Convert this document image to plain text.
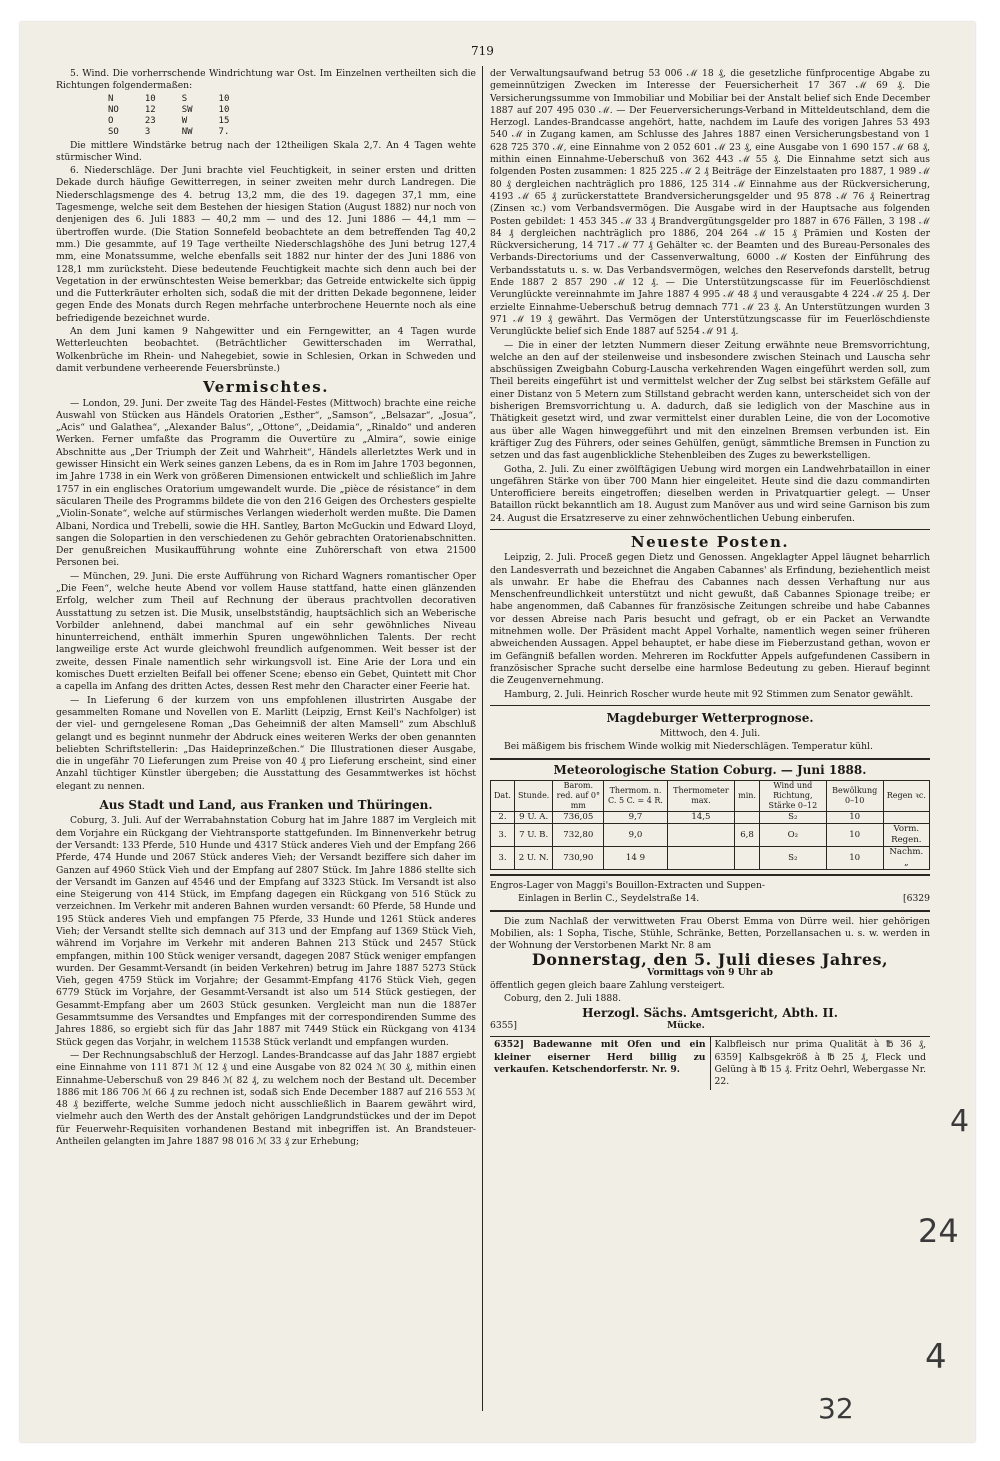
719

5. Wind. Die vorherrschende Windrichtung war Ost. Im Einzelnen vertheilten sich die Richtungen folgendermaßen:

N	10	S	10
NO	12	SW	10
O	23	W	15
SO	3	NW	7.

Die mittlere Windstärke betrug nach der 12theiligen Skala 2,7. An 4 Tagen wehte stürmischer Wind.

6. Niederschläge. Der Juni brachte viel Feuchtigkeit, in seiner ersten und dritten Dekade durch häufige Gewitterregen, in seiner zweiten mehr durch Landregen. Die Niederschlagsmenge des 4. betrug 13,2 mm, die des 19. dagegen 37,1 mm, eine Tagesmenge, welche seit dem Bestehen der hiesigen Station (August 1882) nur noch von denjenigen des 6. Juli 1883 — 40,2 mm — und des 12. Juni 1886 — 44,1 mm — übertroffen wurde. (Die Station Sonnefeld beobachtete an dem betreffenden Tag 40,2 mm.) Die gesammte, auf 19 Tage vertheilte Niederschlagshöhe des Juni betrug 127,4 mm, eine Monatssumme, welche ebenfalls seit 1882 nur hinter der des Juni 1886 von 128,1 mm zurücksteht. Diese bedeutende Feuchtigkeit machte sich denn auch bei der Vegetation in der erwünschtesten Weise bemerkbar; das Getreide entwickelte sich üppig und die Futterkräuter erholten sich, sodaß die mit der dritten Dekade begonnene, leider gegen Ende des Monats durch Regen mehrfache unterbrochene Heuernte noch als eine befriedigende bezeichnet wurde.

An dem Juni kamen 9 Nahgewitter und ein Ferngewitter, an 4 Tagen wurde Wetterleuchten beobachtet. (Beträchtlicher Gewitterschaden im Werrathal, Wolkenbrüche im Rhein- und Nahegebiet, sowie in Schlesien, Orkan in Schweden und damit verbundene verheerende Feuersbrünste.)

Vermischtes.

— London, 29. Juni. Der zweite Tag des Händel-Festes (Mittwoch) brachte eine reiche Auswahl von Stücken aus Händels Oratorien „Esther“, „Samson“, „Belsazar“, „Josua“, „Acis“ und Galathea“, „Alexander Balus“, „Ottone“, „Deidamia“, „Rinaldo“ und anderen Werken. Ferner umfaßte das Programm die Ouvertüre zu „Almira“, sowie einige Abschnitte aus „Der Triumph der Zeit und Wahrheit“, Händels allerletztes Werk und in gewisser Hinsicht ein Werk seines ganzen Lebens, da es in Rom im Jahre 1703 begonnen, im Jahre 1738 in ein Werk von größeren Dimensionen entwickelt und schließlich im Jahre 1757 in ein englisches Oratorium umgewandelt wurde. Die „pièce de résistance“ in dem säcularen Theile des Programms bildete die von den 216 Geigen des Orchesters gespielte „Violin-Sonate“, welche auf stürmisches Verlangen wiederholt werden mußte. Die Damen Albani, Nordica und Trebelli, sowie die HH. Santley, Barton McGuckin und Edward Lloyd, sangen die Solopartien in den verschiedenen zu Gehör gebrachten Oratorienabschnitten. Der genußreichen Musikaufführung wohnte eine Zuhörerschaft von etwa 21500 Personen bei.

— München, 29. Juni. Die erste Aufführung von Richard Wagners romantischer Oper „Die Feen“, welche heute Abend vor vollem Hause stattfand, hatte einen glänzenden Erfolg, welcher zum Theil auf Rechnung der überaus prachtvollen decorativen Ausstattung zu setzen ist. Die Musik, unselbstständig, hauptsächlich sich an Weberische Vorbilder anlehnend, dabei manchmal auf ein sehr gewöhnliches Niveau hinunterreichend, enthält immerhin Spuren ungewöhnlichen Talents. Der recht langweilige erste Act wurde gleichwohl freundlich aufgenommen. Weit besser ist der zweite, dessen Finale namentlich sehr wirkungsvoll ist. Eine Arie der Lora und ein komisches Duett erzielten Beifall bei offener Scene; ebenso ein Gebet, Quintett mit Chor a capella im Anfang des dritten Actes, dessen Rest mehr den Character einer Feerie hat.

— In Lieferung 6 der kurzem von uns empfohlenen illustrirten Ausgabe der gesammelten Romane und Novellen von E. Marlitt (Leipzig, Ernst Keil's Nachfolger) ist der viel- und gerngelesene Roman „Das Geheimniß der alten Mamsell“ zum Abschluß gelangt und es beginnt nunmehr der Abdruck eines weiteren Werks der oben genannten beliebten Schriftstellerin: „Das Haideprinzeßchen.“ Die Illustrationen dieser Ausgabe, die in ungefähr 70 Lieferungen zum Preise von 40 ₰ pro Lieferung erscheint, sind einer Anzahl tüchtiger Künstler übergeben; die Ausstattung des Gesammtwerkes ist höchst elegant zu nennen.

Aus Stadt und Land, aus Franken und Thüringen.

Coburg, 3. Juli. Auf der Werrabahnstation Coburg hat im Jahre 1887 im Vergleich mit dem Vorjahre ein Rückgang der Viehtransporte stattgefunden. Im Binnenverkehr betrug der Versandt: 133 Pferde, 510 Hunde und 4317 Stück anderes Vieh und der Empfang 266 Pferde, 474 Hunde und 2067 Stück anderes Vieh; der Versandt beziffere sich daher im Ganzen auf 4960 Stück Vieh und der Empfang auf 2807 Stück. Im Jahre 1886 stellte sich der Versandt im Ganzen auf 4546 und der Empfang auf 3323 Stück. Im Versandt ist also eine Steigerung von 414 Stück, im Empfang dagegen ein Rückgang von 516 Stück zu verzeichnen. Im Verkehr mit anderen Bahnen wurden versandt: 60 Pferde, 58 Hunde und 195 Stück anderes Vieh und empfangen 75 Pferde, 33 Hunde und 1261 Stück anderes Vieh; der Versandt stellte sich demnach auf 313 und der Empfang auf 1369 Stück Vieh, während im Vorjahre im Verkehr mit anderen Bahnen 213 Stück und 2457 Stück empfangen, mithin 100 Stück weniger versandt, dagegen 2087 Stück weniger empfangen wurden. Der Gesammt-Versandt (in beiden Verkehren) betrug im Jahre 1887 5273 Stück Vieh, gegen 4759 Stück im Vorjahre; der Gesammt-Empfang 4176 Stück Vieh, gegen 6779 Stück im Vorjahre, der Gesammt-Versandt ist also um 514 Stück gestiegen, der Gesammt-Empfang aber um 2603 Stück gesunken. Vergleicht man nun die 1887er Gesammtsumme des Versandtes und Empfanges mit der correspondirenden Summe des Jahres 1886, so ergiebt sich für das Jahr 1887 mit 7449 Stück ein Rückgang von 4134 Stück gegen das Vorjahr, in welchem 11538 Stück verlandt und empfangen wurden.

— Der Rechnungsabschluß der Herzogl. Landes-Brandcasse auf das Jahr 1887 ergiebt eine Einnahme von 111 871 ℳ 12 ₰ und eine Ausgabe von 82 024 ℳ 30 ₰, mithin einen Einnahme-Ueberschuß von 29 846 ℳ 82 ₰, zu welchem noch der Bestand ult. December 1886 mit 186 706 ℳ 66 ₰ zu rechnen ist, sodaß sich Ende December 1887 auf 216 553 ℳ 48 ₰ bezifferte, welche Summe jedoch nicht ausschließlich in Baarem gewährt wird, vielmehr auch den Werth des der Anstalt gehörigen Landgrundstückes und der im Depot für Feuerwehr-Requisiten vorhandenen Bestand mit inbegriffen ist. An Brandsteuer-Antheilen gelangten im Jahre 1887 98 016 ℳ 33 ₰ zur Erhebung;

der Verwaltungsaufwand betrug 53 006 ℳ 18 ₰, die gesetzliche fünfprocentige Abgabe zu gemeinnützigen Zwecken im Interesse der Feuersicherheit 17 367 ℳ 69 ₰. Die Versicherungssumme von Immobiliar und Mobiliar bei der Anstalt belief sich Ende December 1887 auf 207 495 030 ℳ. — Der Feuerversicherungs-Verband in Mitteldeutschland, dem die Herzogl. Landes-Brandcasse angehört, hatte, nachdem im Laufe des vorigen Jahres 53 493 540 ℳ in Zugang kamen, am Schlusse des Jahres 1887 einen Versicherungsbestand von 1 628 725 370 ℳ, eine Einnahme von 2 052 601 ℳ 23 ₰, eine Ausgabe von 1 690 157 ℳ 68 ₰, mithin einen Einnahme-Ueberschuß von 362 443 ℳ 55 ₰. Die Einnahme setzt sich aus folgenden Posten zusammen: 1 825 225 ℳ 2 ₰ Beiträge der Einzelstaaten pro 1887, 1 989 ℳ 80 ₰ dergleichen nachträglich pro 1886, 125 314 ℳ Einnahme aus der Rückversicherung, 4193 ℳ 65 ₰ zurückerstattete Brandversicherungsgelder und 95 878 ℳ 76 ₰ Reinertrag (Zinsen ꝛc.) vom Verbandsvermögen. Die Ausgabe wird in der Hauptsache aus folgenden Posten gebildet: 1 453 345 ℳ 33 ₰ Brandvergütungsgelder pro 1887 in 676 Fällen, 3 198 ℳ 84 ₰ dergleichen nachträglich pro 1886, 204 264 ℳ 15 ₰ Prämien und Kosten der Rückversicherung, 14 717 ℳ 77 ₰ Gehälter ꝛc. der Beamten und des Bureau-Personales des Verbands-Directoriums und der Cassenverwaltung, 6000 ℳ Kosten der Einführung des Verbandsstatuts u. s. w. Das Verbandsvermögen, welches den Reservefonds darstellt, betrug Ende 1887 2 857 290 ℳ 12 ₰. — Die Unterstützungscasse für im Feuerlöschdienst Verunglückte vereinnahmte im Jahre 1887 4 995 ℳ 48 ₰ und verausgabte 4 224 ℳ 25 ₰. Der erzielte Einnahme-Ueberschuß betrug demnach 771 ℳ 23 ₰. An Unterstützungen wurden 3 971 ℳ 19 ₰ gewährt. Das Vermögen der Unterstützungscasse für im Feuerlöschdienste Verunglückte belief sich Ende 1887 auf 5254 ℳ 91 ₰.

— Die in einer der letzten Nummern dieser Zeitung erwähnte neue Bremsvorrichtung, welche an den auf der steilenweise und insbesondere zwischen Steinach und Lauscha sehr abschüssigen Zweigbahn Coburg-Lauscha verkehrenden Wagen eingeführt werden soll, zum Theil bereits eingeführt ist und vermittelst welcher der Zug selbst bei stärkstem Gefälle auf einer Distanz von 5 Metern zum Stillstand gebracht werden kann, unterscheidet sich von der bisherigen Bremsvorrichtung u. A. dadurch, daß sie lediglich von der Maschine aus in Thätigkeit gesetzt wird, und zwar vermittelst einer durablen Leine, die von der Locomotive aus über alle Wagen hinweggeführt und mit den einzelnen Bremsen verbunden ist. Ein kräftiger Zug des Führers, oder seines Gehülfen, genügt, sämmtliche Bremsen in Function zu setzen und das fast augenblickliche Stehenbleiben des Zuges zu bewerkstelligen.

Gotha, 2. Juli. Zu einer zwölftägigen Uebung wird morgen ein Landwehrbataillon in einer ungefähren Stärke von über 700 Mann hier eingeleitet. Heute sind die dazu commandirten Unterofficiere bereits eingetroffen; dieselben werden in Privatquartier gelegt. — Unser Bataillon rückt bekanntlich am 18. August zum Manöver aus und wird seine Garnison bis zum 24. August die Ersatzreserve zu einer zehnwöchentlichen Uebung einberufen.

Neueste Posten.

Leipzig, 2. Juli. Proceß gegen Dietz und Genossen. Angeklagter Appel läugnet beharrlich den Landesverrath und bezeichnet die Angaben Cabannes' als Erfindung, beziehentlich meist als unwahr. Er habe die Ehefrau des Cabannes nach dessen Verhaftung nur aus Menschenfreundlichkeit unterstützt und nicht gewußt, daß Cabannes Spionage treibe; er habe angenommen, daß Cabannes für französische Zeitungen schreibe und habe Cabannes vor dessen Abreise nach Paris besucht und gefragt, ob er ein Packet an Verwandte mitnehmen wolle. Der Präsident macht Appel Vorhalte, namentlich wegen seiner früheren abweichenden Aussagen. Appel behauptet, er habe diese im Fieberzustand gethan, wovon er im Gefängniß befallen worden. Mehreren im Rockfutter Appels aufgefundenen Cassibern in französischer Sprache sucht derselbe eine harmlose Bedeutung zu geben. Hierauf beginnt die Zeugenvernehmung.

Hamburg, 2. Juli. Heinrich Roscher wurde heute mit 92 Stimmen zum Senator gewählt.

Magdeburger Wetterprognose.

Mittwoch, den 4. Juli.

Bei mäßigem bis frischem Winde wolkig mit Niederschlägen. Temperatur kühl.

Meteorologische Station Coburg. — Juni 1888.
Dat.	Stunde.	Barom. red. auf 0° mm	Thermom. n. C. 5 C. = 4 R.	Thermometer max.	min.	Wind und Richtung, Stärke 0–12	Bewölkung 0–10	Regen ꝛc.
2.	9 U. A.	736,05	9,7	14,5		S₂	10	
3.	7 U. B.	732,80	9,0		6,8	O₂	10	Vorm. Regen.
3.	2 U. N.	730,90	14 9			S₂	10	Nachm. „

Engros-Lager von Maggi's Bouillon-Extracten und Suppen-

Einlagen in Berlin C., Seydelstraße 14.	[6329

Die zum Nachlaß der verwittweten Frau Oberst Emma von Dürre weil. hier gehörigen Mobilien, als: 1 Sopha, Tische, Stühle, Schränke, Betten, Porzellansachen u. s. w. werden in der Wohnung der Verstorbenen Markt Nr. 8 am

Donnerstag, den 5. Juli dieses Jahres,

Vormittags von 9 Uhr ab

öffentlich gegen gleich baare Zahlung versteigert.

Coburg, den 2. Juli 1888.

Herzogl. Sächs. Amtsgericht, Abth. II.

6355]	Mücke.

6352] Badewanne mit Ofen und ein kleiner eiserner Herd billig zu verkaufen. Ketschendorferstr. Nr. 9.
Kalbfleisch nur prima Qualität à ℔ 36 ₰, 6359] Kalbsgekröß à ℔ 25 ₰, Fleck und Gelüng à ℔ 15 ₰. Fritz Oehrl, Webergasse Nr. 22.
4
24
4
32
